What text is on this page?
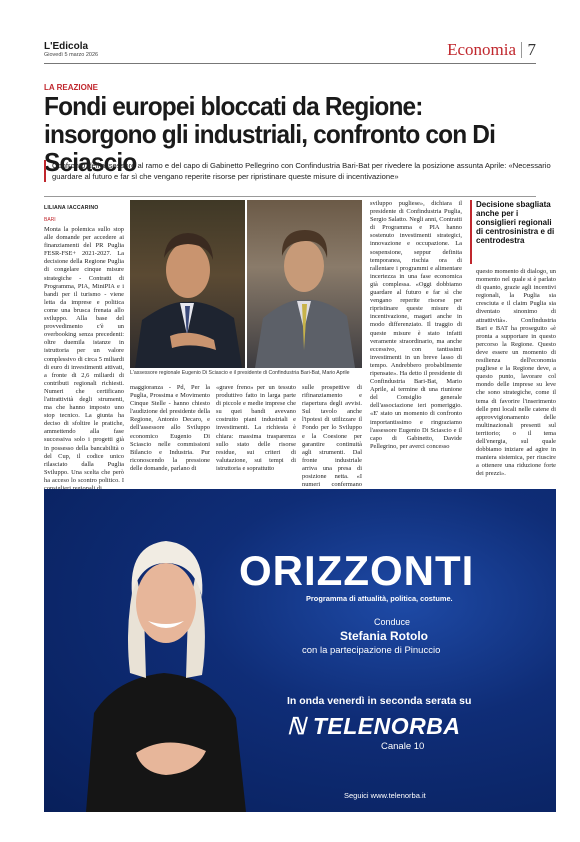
L'Edicola
Giovedì 5 marzo 2026	Economia 7
LA REAZIONE
Fondi europei bloccati da Regione: insorgono gli industriali, confronto con Di Sciascio
Confronto dell'assessore al ramo e del capo di Gabinetto Pellegrino con Confindustria Bari-Bat per rivedere la posizione assunta Aprile: «Necessario guardare al futuro e far sì che vengano reperite risorse per ripristinare queste misure di incentivazione»
LILIANA IACCARINO
BARI
Monta la polemica sullo stop alle domande per accedere ai finanziamenti del PR Puglia FESR-FSE+ 2021-2027. La decisione della Regione Puglia di congelare cinque misure strategiche - Contratti di Programma, PIA, MiniPIA e i bandi per il turismo - viene letta da imprese e politica come una brusca frenata allo sviluppo. Alla base del provvedimento c'è un overbooking senza precedenti: oltre duemila istanze in istruttoria per un valore complessivo di circa 5 miliardi di euro di investimenti attivati, a fronte di 2,6 miliardi di contributi regionali richiesti. Numeri che certificano l'attrattività degli strumenti, ma che hanno imposto uno stop tecnico. La giunta ha deciso di sfoltire le pratiche, ammettendo alla fase successiva solo i progetti già in possesso della bancabilità o del Cup, il codice unico rilasciato dalla Puglia Sviluppo. Una scelta che però ha acceso lo scontro politico. I
L'assessore regionale Eugenio Di Sciascio e il presidente di Confindustria Bari-Bat, Mario Aprile
maggioranza - Pd, Per la Puglia, Prossima e Movimento Cinque Stelle - hanno chiesto l'audizione del presidente della Regione, Antonio Decaro, e dell'assessore allo Sviluppo economico Eugenio Di Sciascio nelle commissioni Bilancio e Industria. Pur riconoscendo la pressione delle domande, parlano di
«grave freno» per un tessuto produttivo fatto in larga parte di piccole e medie imprese che su quei bandi avevano costruito piani industriali e investimenti. La richiesta è chiara: massima trasparenza sullo stato delle risorse residue, sui criteri di valutazione, sui tempi di istruttoria e soprattutto
sulle prospettive di rifinanziamento e riapertura degli avvisi. Sul tavolo anche l'ipotesi di utilizzare il Fondo per lo Sviluppo e la Coesione per garantire continuità agli strumenti. Dal fronte industriale arriva una presa di posizione netta. «I numeri confermano
sviluppo pugliese», dichiara il presidente di Confindustria Puglia, Sergio Salatto. Negli anni, Contratti di Programma e PIA hanno sostenuto investimenti strategici, innovazione e occupazione. La sospensione, seppur definita temporanea, rischia ora di rallentare i programmi e alimentare incertezza in una fase economica già complessa. «Oggi dobbiamo guardare al futuro e far sì che vengano reperite risorse per ripristinare queste misure di incentivazione, magari anche in modo differenziato. Il traggio di queste misure è stato infatti veramente straordinario, ma anche eccessivo, con tantissimi investimenti in un breve lasso di tempo. Andrebbero probabilmente ripensate». Ha detto il presidente di Confindustria Bari-Bat, Mario Aprile, al termine di una riunione del Consiglio generale dell'associazione ieri pomeriggio. «E' stato un momento di confronto importantissimo e ringraziamo l'assessore Eugenio Di Sciascio e il capo di Gabinetto, Davide Pellegrino, per averci concesso
Decisione sbagliata anche per i consiglieri regionali di centrosinistra e di centrodestra
questo momento di dialogo, un momento nel quale si è parlato di quanto, grazie agli incentivi regionali, la Puglia sia cresciuta e il claim Puglia sia diventato sinonimo di attrattività». Confindustria Bari e BAT ha proseguito «è pronta a supportare in questo percorso la Regione. Questo deve essere un momento di resilienza dell'economia pugliese e la Regione deve, a questo punto, lavorare col mondo delle imprese su leve che sono strategiche, come il tema di favorire l'inserimento delle pmi locali nelle catene di approvvigionamento delle multinazionali presenti sul territorio; o il tema dell'energia, sul quale dobbiamo iniziare ad agire in maniera sistemica, per riuscire a ottenere una riduzione forte dei prezzi».
ORIZZONTI
Programma di attualità, politica, costume.
Conduce
Stefania Rotolo
con la partecipazione di Pinuccio
In onda venerdì in seconda serata su
ℕ TELENORBA
Canale 10
Seguici www.telenorba.it
